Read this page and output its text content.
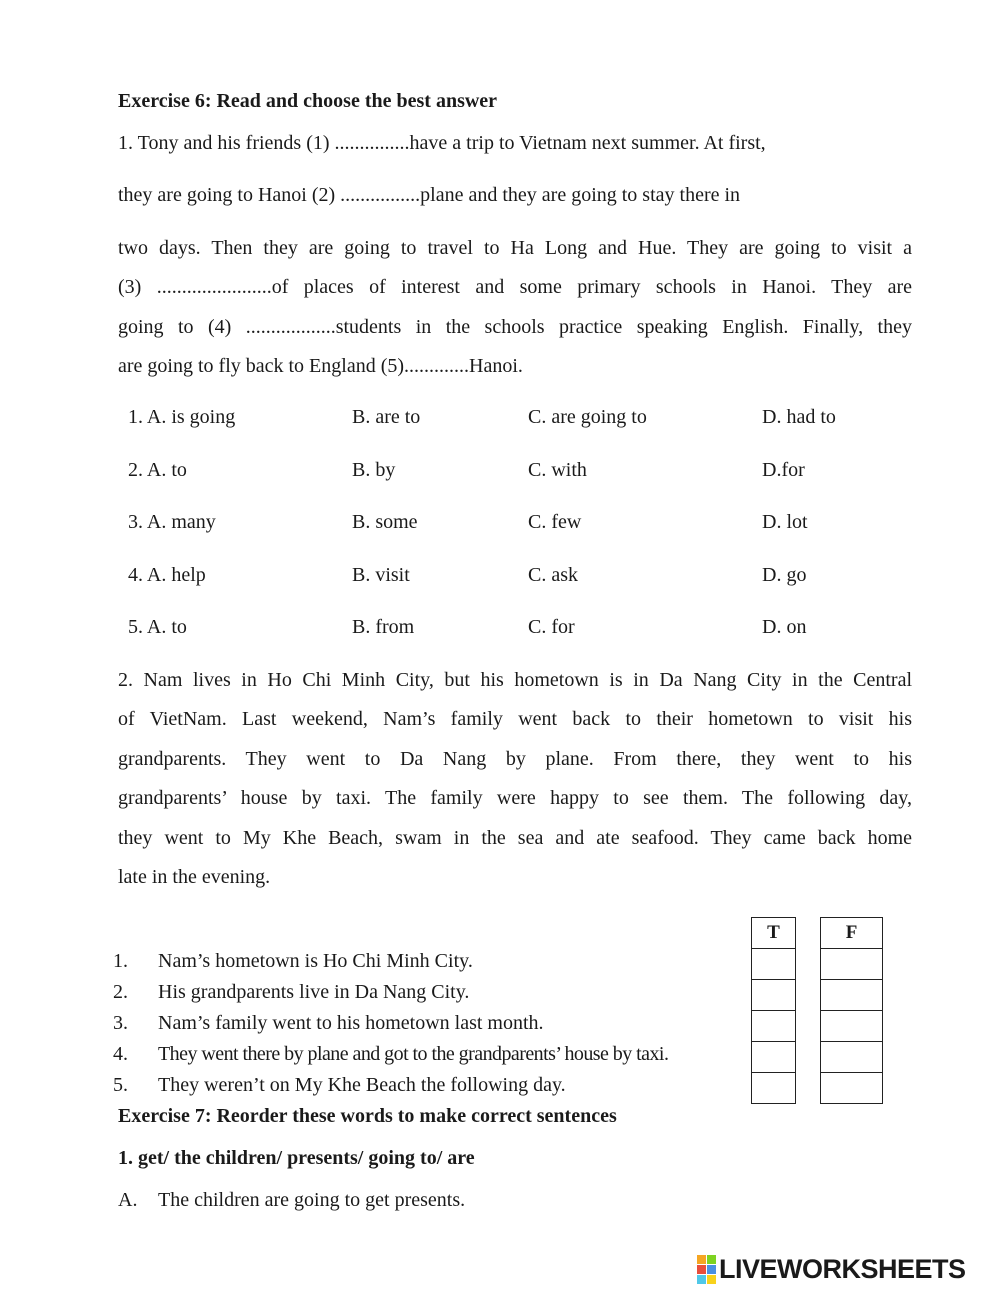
Exercise 6: Read and choose the best answer
1. Tony and his friends (1) ...............have a trip to Vietnam next summer. At first,
they are going to Hanoi (2) ................plane and they are going to stay there in
two days. Then they are going to travel to Ha Long and Hue. They are going to visit a
(3) .......................of places of interest and some primary schools in Hanoi. They are
going to (4) ..................students in the schools practice speaking English. Finally, they
are going to fly back to England (5).............Hanoi.
1. A. is going	B. are to	C. are going to	D. had to
2. A. to	B. by	C. with	D.for
3. A. many	B. some	C. few	D. lot
4. A. help	B. visit	C. ask	D. go
5. A. to	B. from	C. for	D. on
2. Nam lives in Ho Chi Minh City, but his hometown is in Da Nang City in the Central
of VietNam. Last weekend, Nam’s family went back to their hometown to visit his
grandparents. They went to Da Nang by plane. From there, they went to his
grandparents’ house by taxi. The family were happy to see them. The following day,
they went to My Khe Beach, swam in the sea and ate seafood. They came back home
late in the evening.
T	F
1. Nam’s hometown is Ho Chi Minh City.
2. His grandparents live in Da Nang City.
3. Nam’s family went to his hometown last month.
4. They went there by plane and got to the grandparents’ house by taxi.
5. They weren’t on My Khe Beach the following day.
Exercise 7: Reorder these words to make correct sentences
1. get/ the children/ presents/ going to/ are
A. The children are going to get presents.
LIVEWORKSHEETS
